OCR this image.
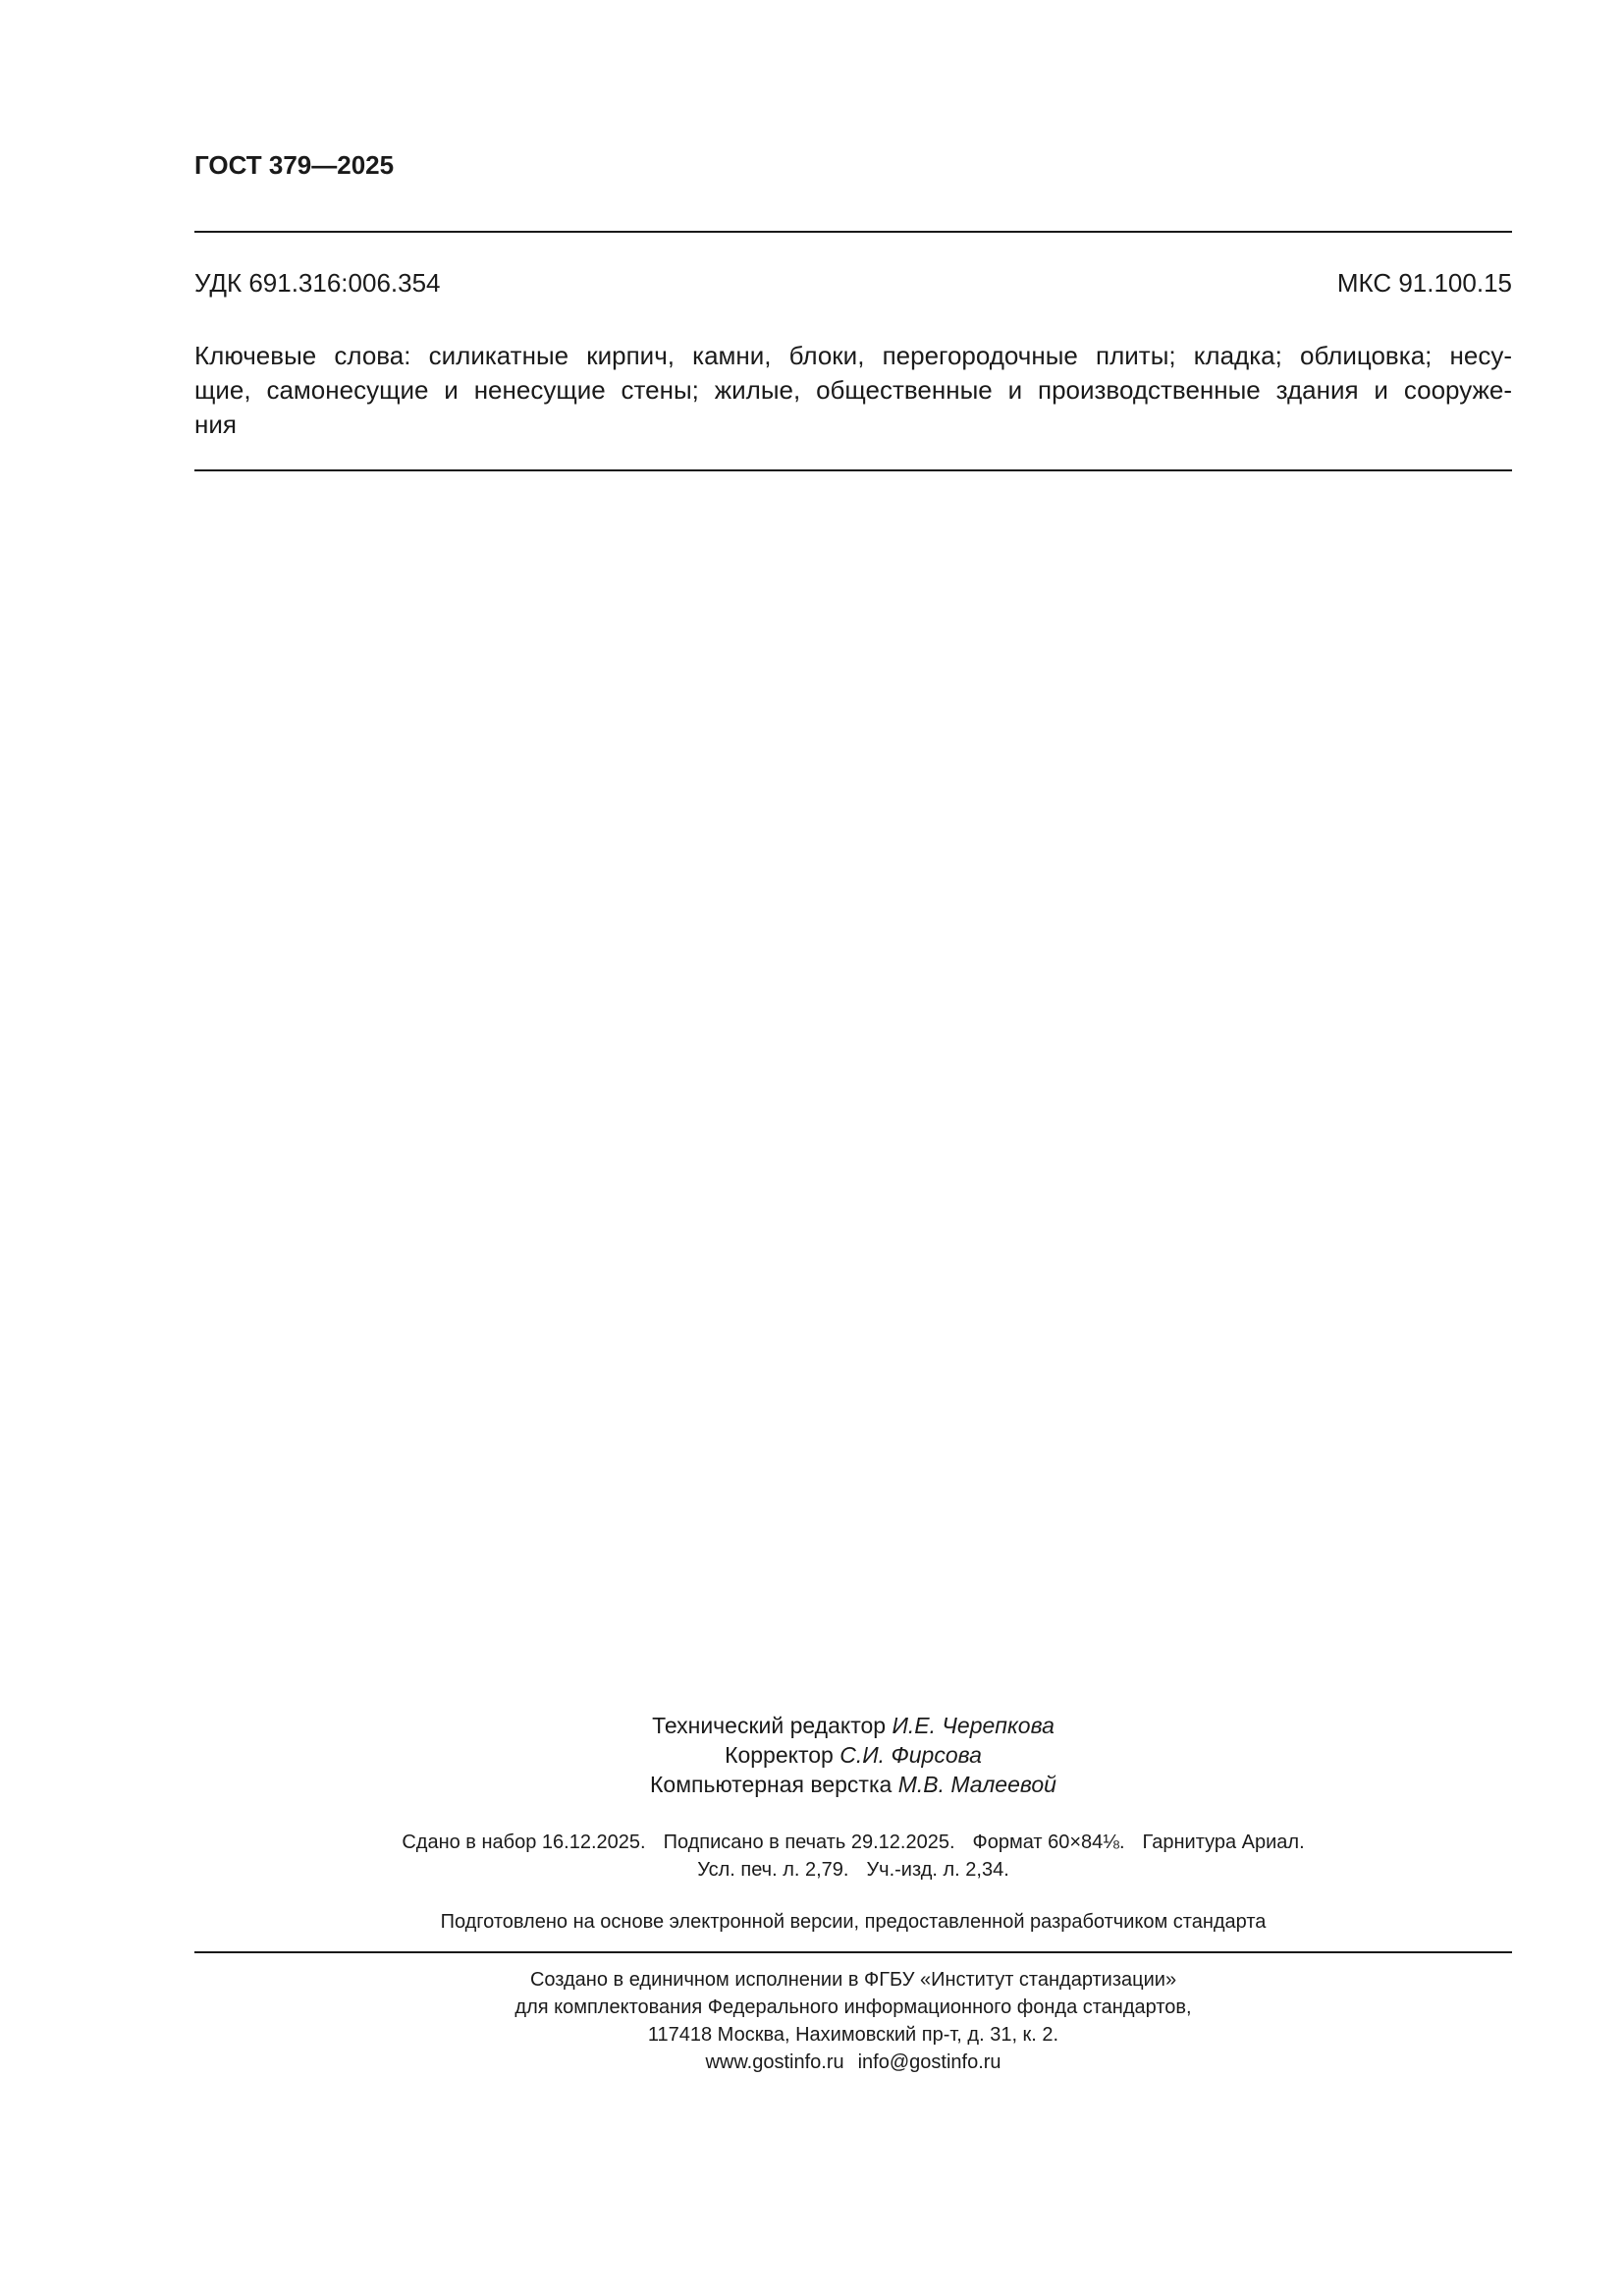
ГОСТ 379—2025
УДК 691.316:006.354	МКС 91.100.15
Ключевые слова: силикатные кирпич, камни, блоки, перегородочные плиты; кладка; облицовка; несу-
щие, самонесущие и ненесущие стены; жилые, общественные и производственные здания и сооруже-
ния
Технический редактор И.Е. Черепкова
Корректор С.И. Фирсова
Компьютерная верстка М.В. Малеевой
Сдано в набор 16.12.2025. Подписано в печать 29.12.2025. Формат 60×84⅛. Гарнитура Ариал.
Усл. печ. л. 2,79. Уч.-изд. л. 2,34.
Подготовлено на основе электронной версии, предоставленной разработчиком стандарта
Создано в единичном исполнении в ФГБУ «Институт стандартизации»
для комплектования Федерального информационного фонда стандартов,
117418 Москва, Нахимовский пр-т, д. 31, к. 2.
www.gostinfo.ru info@gostinfo.ru
